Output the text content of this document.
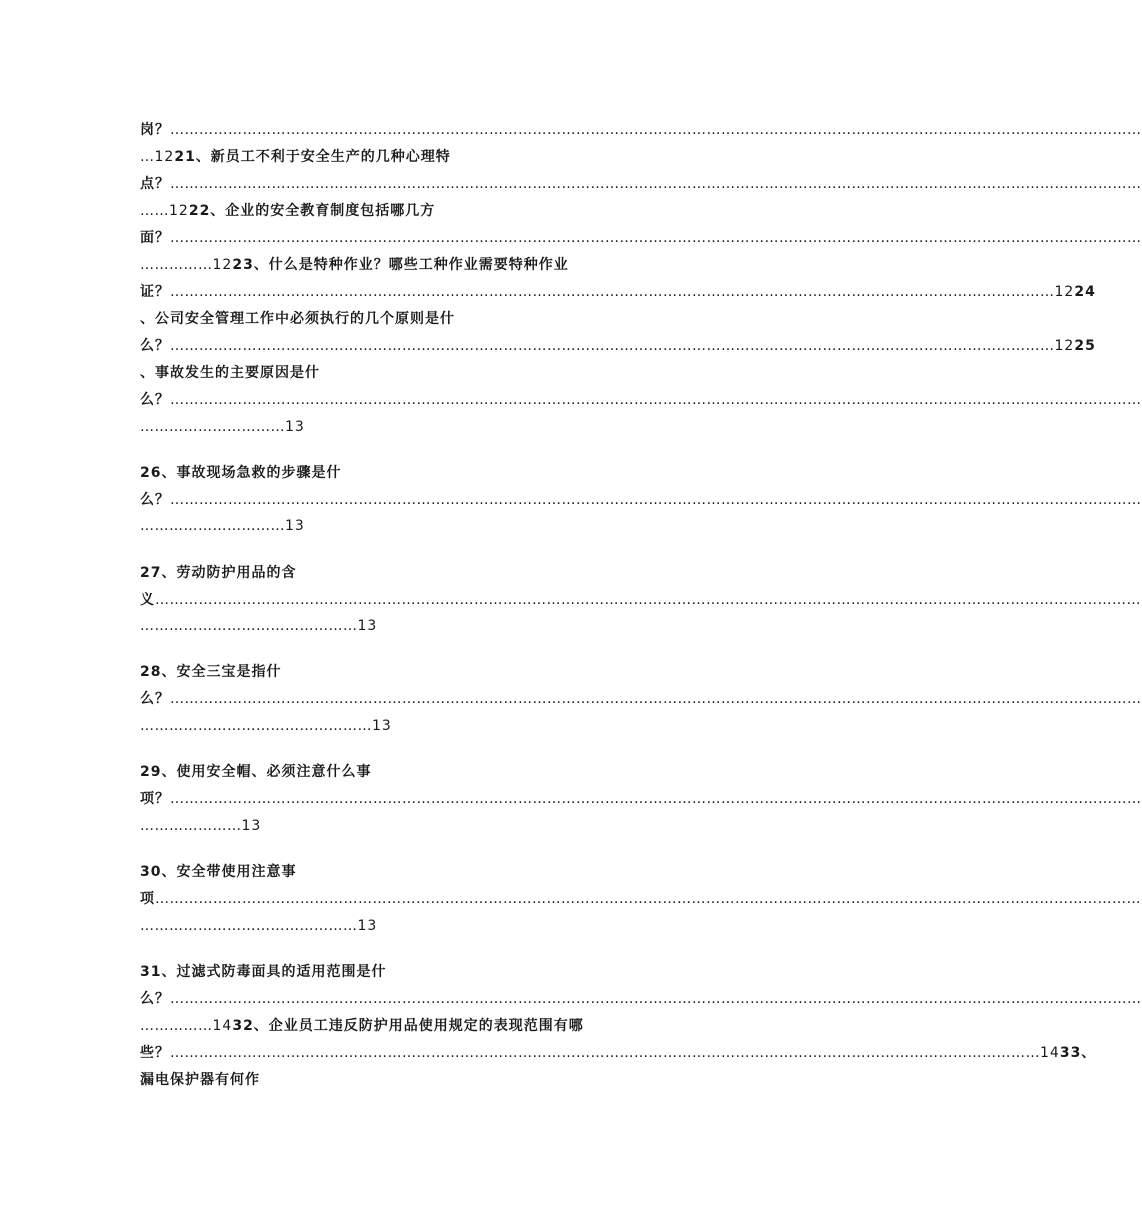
岗？…………………………………………………………………………………………………………………………………………………………………………………
…1221、新员工不利于安全生产的几种心理特
点？…………………………………………………………………………………………………………………………………………………………………………………
……1222、企业的安全教育制度包括哪几方
面？…………………………………………………………………………………………………………………………………………………………………………………
……………1223、什么是特种作业？哪些工种作业需要特种作业
证？…………………………………………………………………………………………………………………………………………………………………1224
、公司安全管理工作中必须执行的几个原则是什
么？…………………………………………………………………………………………………………………………………………………………………1225
、事故发生的主要原因是什
么？…………………………………………………………………………………………………………………………………………………………………………………
…………………………13
26、事故现场急救的步骤是什
么？…………………………………………………………………………………………………………………………………………………………………………………
…………………………13
27、劳动防护用品的含
义……………………………………………………………………………………………………………………………………………………………………………………
………………………………………13
28、安全三宝是指什
么？…………………………………………………………………………………………………………………………………………………………………………………
…………………………………………13
29、使用安全帽、必须注意什么事
项？…………………………………………………………………………………………………………………………………………………………………………………
…………………13
30、安全带使用注意事
项……………………………………………………………………………………………………………………………………………………………………………………
………………………………………13
31、过滤式防毒面具的适用范围是什
么？…………………………………………………………………………………………………………………………………………………………………………………
……………1432、企业员工违反防护用品使用规定的表现范围有哪
些？………………………………………………………………………………………………………………………………………………………………1433、
漏电保护器有何作
